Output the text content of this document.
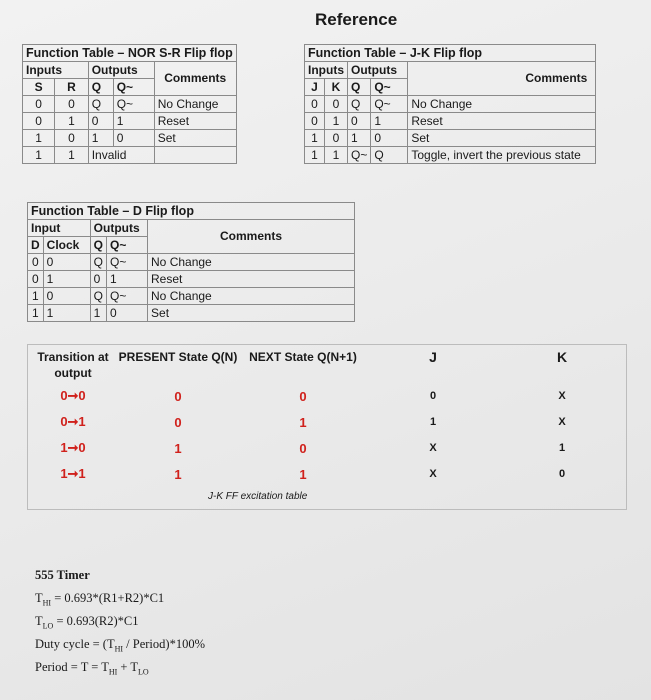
Reference
Function Table – NOR S-R Flip flop				
Inputs		Outputs		Comments
S	R	Q	Q~	
0	0	Q	Q~	No Change
0	1	0	1	Reset
1	0	1	0	Set
1	1	Invalid		
Function Table – J-K Flip flop				
Inputs		Outputs		Comments
J	K	Q	Q~	
0	0	Q	Q~	No Change
0	1	0	1	Reset
1	0	1	0	Set
1	1	Q~	Q	Toggle, invert the previous state
Function Table – D Flip flop				
Input		Outputs		Comments
D	Clock	Q	Q~	
0	0	Q	Q~	No Change
0	1	0	1	Reset
1	0	Q	Q~	No Change
1	1	1	0	Set
Transition at output	PRESENT State Q(N)	NEXT State Q(N+1)	J	K
0➞0	0	0	0	X
0➞1	0	1	1	X
1➞0	1	0	X	1
1➞1	1	1	X	0
J-K FF excitation table
555 Timer
$T_{HI} = 0.693*(R1+R2)*C1$
$T_{LO} = 0.693(R2)*C1$
Duty cycle = ($T_{HI}$ / Period)*100%
Period = $T = T_{HI} + T_{LO}$
